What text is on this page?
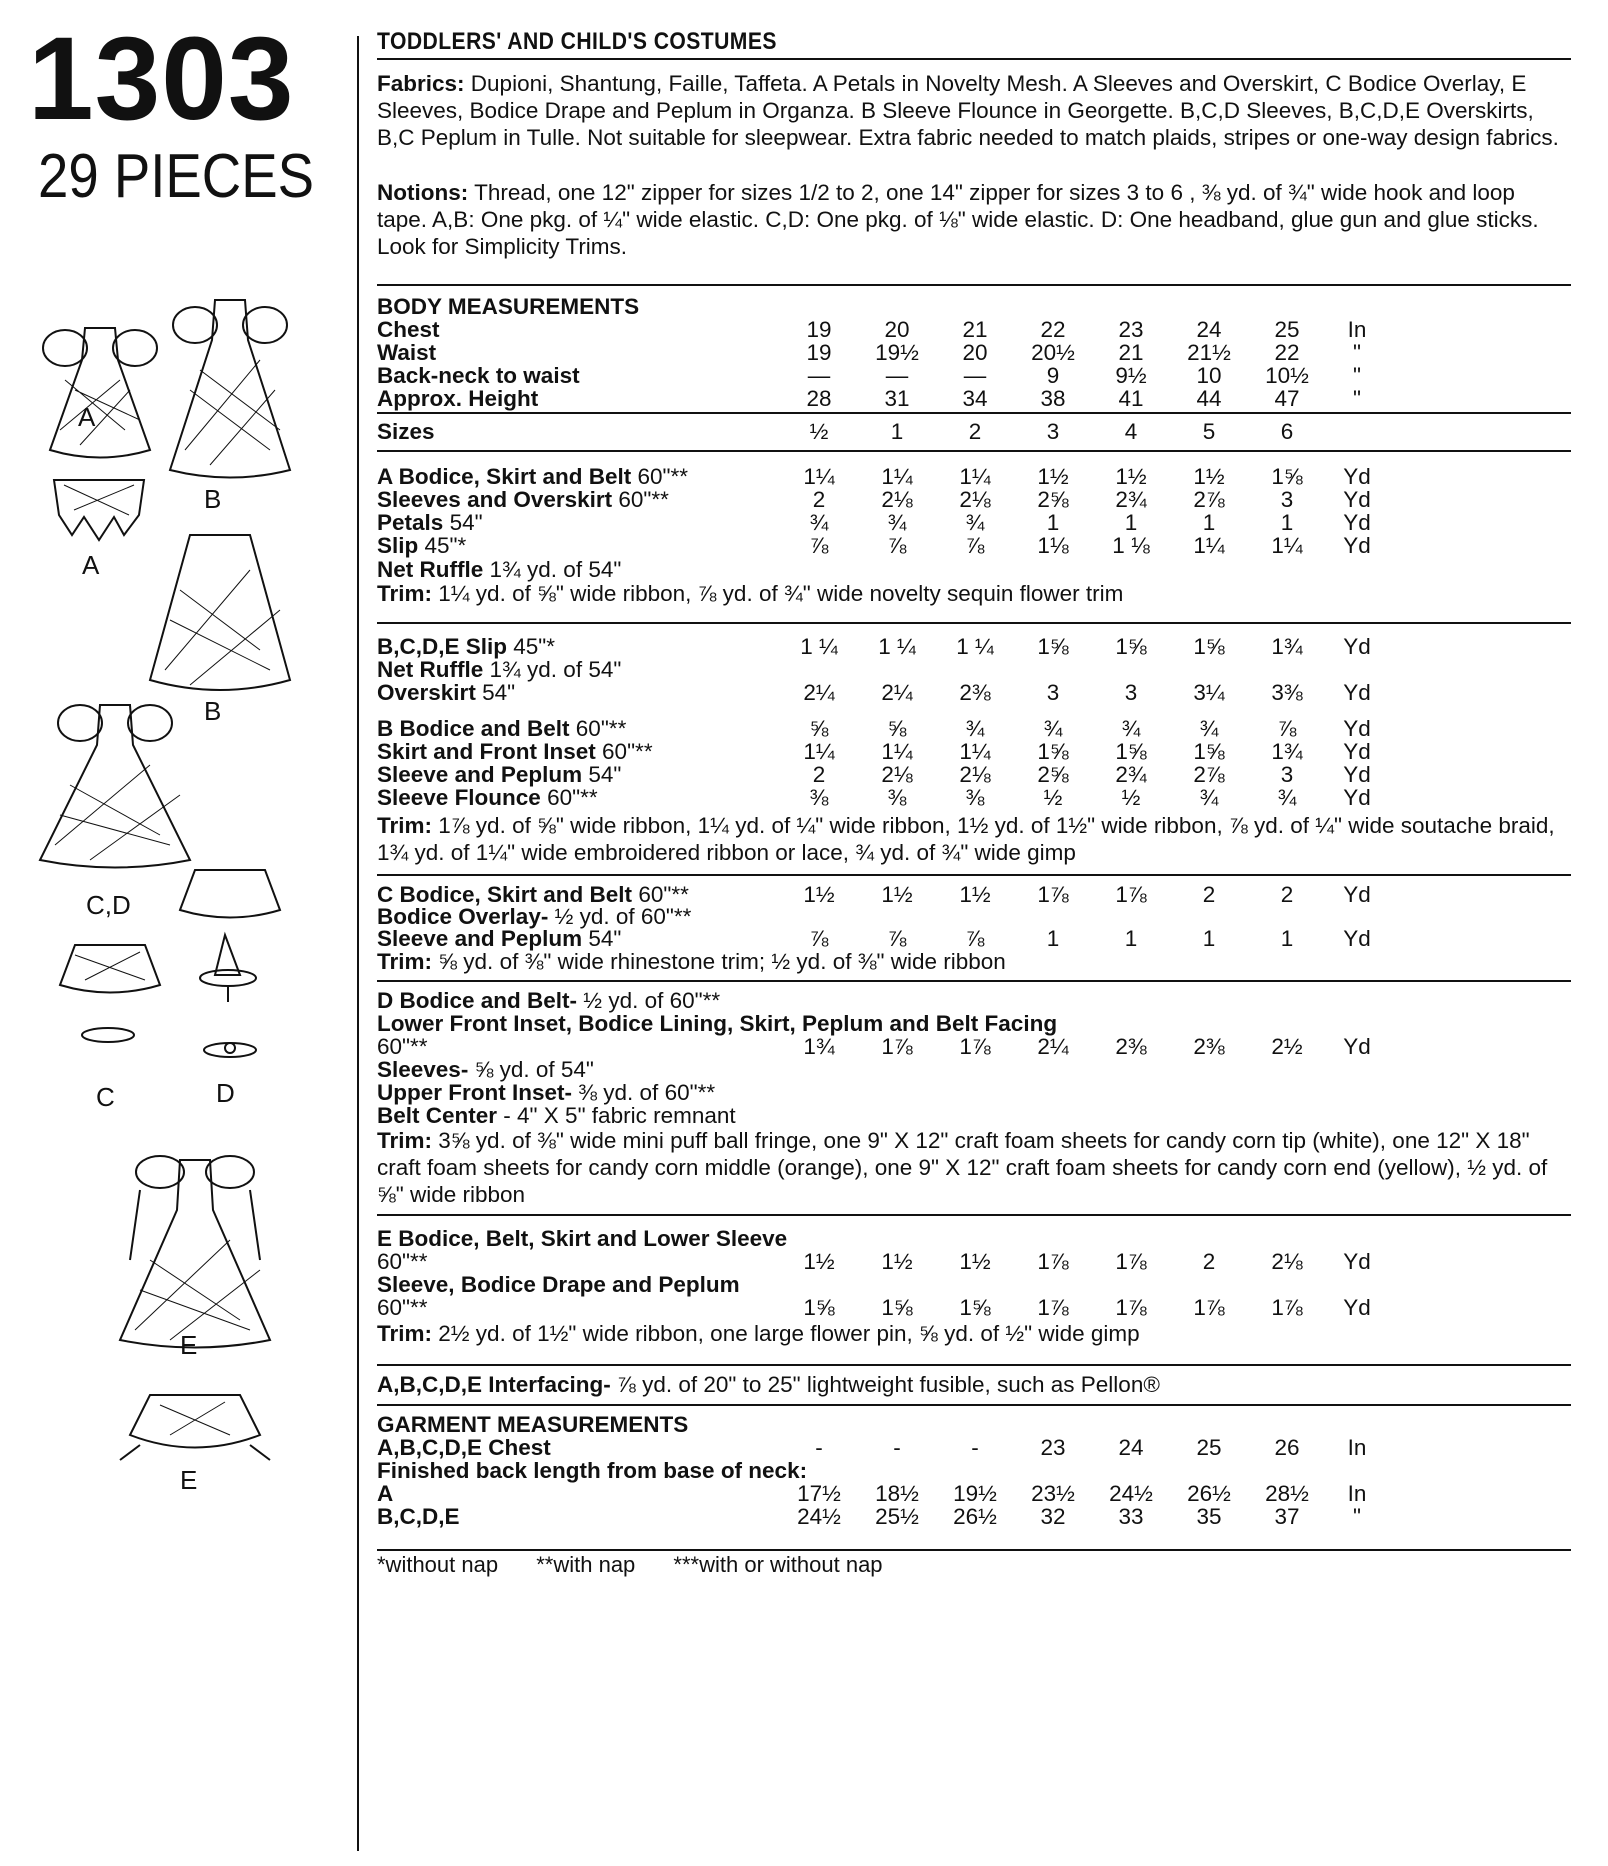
1303
29 PIECES
A
B
A
B
C,D
C	D
E
E
TODDLERS' AND CHILD'S COSTUMES
Fabrics: Dupioni, Shantung, Faille, Taffeta. A Petals in Novelty Mesh. A Sleeves and Overskirt, C Bodice Overlay, E Sleeves, Bodice Drape and Peplum in Organza. B Sleeve Flounce in Georgette. B,C,D Sleeves, B,C,D,E Overskirts, B,C Peplum in Tulle. Not suitable for sleepwear. Extra fabric needed to match plaids, stripes or one-way design fabrics.
Notions: Thread, one 12" zipper for sizes 1/2 to 2, one 14" zipper for sizes 3 to 6 , ⅜ yd. of ¾" wide hook and loop tape. A,B: One pkg. of ¼" wide elastic. C,D: One pkg. of ⅛" wide elastic. D: One headband, glue gun and glue sticks. Look for Simplicity Trims.
BODY MEASUREMENTS
Chest	19	20	21	22	23	24	25	In
Waist	19	19½	20	20½	21	21½	22	"
Back-neck to waist	—	—	—	9	9½	10	10½	"
Approx. Height	28	31	34	38	41	44	47	"
Sizes	½	1	2	3	4	5	6
A Bodice, Skirt and Belt 60"**	1¼	1¼	1¼	1½	1½	1½	1⅝	Yd
Sleeves and Overskirt 60"**	2	2⅛	2⅛	2⅝	2¾	2⅞	3	Yd
Petals 54"	¾	¾	¾	1	1	1	1	Yd
Slip 45"*	⅞	⅞	⅞	1⅛	1 ⅛	1¼	1¼	Yd
Net Ruffle 1¾ yd. of 54"
Trim: 1¼ yd. of ⅝" wide ribbon, ⅞ yd. of ¾" wide novelty sequin flower trim
B,C,D,E Slip 45"*	1 ¼	1 ¼	1 ¼	1⅝	1⅝	1⅝	1¾	Yd
Net Ruffle 1¾ yd. of 54"
Overskirt 54"	2¼	2¼	2⅜	3	3	3¼	3⅜	Yd
B Bodice and Belt 60"**	⅝	⅝	¾	¾	¾	¾	⅞	Yd
Skirt and Front Inset 60"**	1¼	1¼	1¼	1⅝	1⅝	1⅝	1¾	Yd
Sleeve and Peplum 54"	2	2⅛	2⅛	2⅝	2¾	2⅞	3	Yd
Sleeve Flounce 60"**	⅜	⅜	⅜	½	½	¾	¾	Yd
Trim: 1⅞ yd. of ⅝" wide ribbon, 1¼ yd. of ¼" wide ribbon, 1½ yd. of 1½" wide ribbon, ⅞ yd. of ¼" wide soutache braid, 1¾ yd. of 1¼" wide embroidered ribbon or lace, ¾ yd. of ¾" wide gimp
C Bodice, Skirt and Belt 60"**	1½	1½	1½	1⅞	1⅞	2	2	Yd
Bodice Overlay- ½ yd. of 60"**
Sleeve and Peplum 54"	⅞	⅞	⅞	1	1	1	1	Yd
Trim: ⅝ yd. of ⅜" wide rhinestone trim; ½ yd. of ⅜" wide ribbon
D Bodice and Belt- ½ yd. of 60"**
Lower Front Inset, Bodice Lining, Skirt, Peplum and Belt Facing
60"**	1¾	1⅞	1⅞	2¼	2⅜	2⅜	2½	Yd
Sleeves- ⅝ yd. of 54"
Upper Front Inset- ⅜ yd. of 60"**
Belt Center - 4" X 5" fabric remnant
Trim: 3⅝ yd. of ⅜" wide mini puff ball fringe, one 9" X 12" craft foam sheets for candy corn tip (white), one 12" X 18" craft foam sheets for candy corn middle (orange), one 9" X 12" craft foam sheets for candy corn end (yellow), ½ yd. of ⅝" wide ribbon
E Bodice, Belt, Skirt and Lower Sleeve
60"**	1½	1½	1½	1⅞	1⅞	2	2⅛	Yd
Sleeve, Bodice Drape and Peplum
60"**	1⅝	1⅝	1⅝	1⅞	1⅞	1⅞	1⅞	Yd
Trim: 2½ yd. of 1½" wide ribbon, one large flower pin, ⅝ yd. of ½" wide gimp
A,B,C,D,E Interfacing- ⅞ yd. of 20" to 25" lightweight fusible, such as Pellon®
GARMENT MEASUREMENTS
A,B,C,D,E Chest	-	-	-	23	24	25	26	In
Finished back length from base of neck:
A	17½	18½	19½	23½	24½	26½	28½	In
B,C,D,E	24½	25½	26½	32	33	35	37	"
*without nap **with nap ***with or without nap
